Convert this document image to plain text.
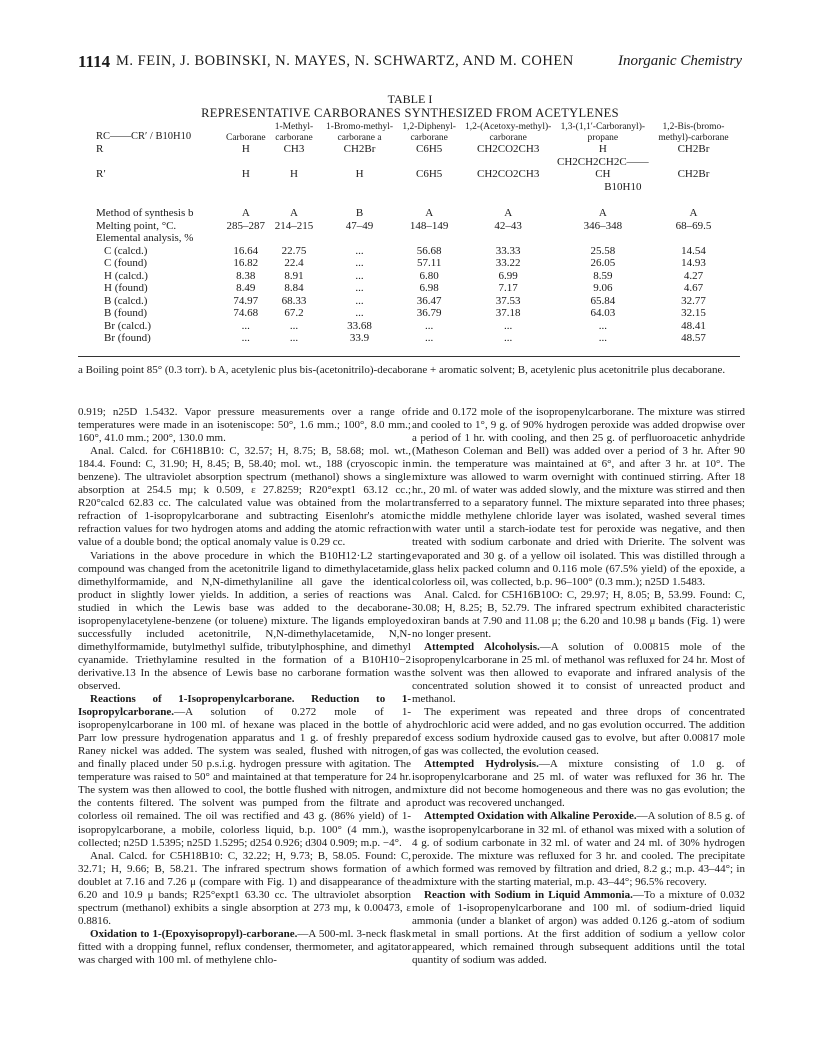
1114 M. FEIN, J. BOBINSKI, N. MAYES, N. SCHWARTZ, AND M. COHEN	Inorganic Chemistry
TABLE I
REPRESENTATIVE CARBORANES SYNTHESIZED FROM ACETYLENES
RC——CR′ / B10H10	Carborane	1-Methyl-carborane	1-Bromo-methyl-carborane a	1,2-Diphenyl-carborane	1,2-(Acetoxy-methyl)-carborane	1,3-(1,1′-Carboranyl)-propane	1,2-Bis-(bromo-methyl)-carborane
R	H	CH3	CH2Br	C6H5	CH2CO2CH3	H	CH2Br
R′	H	H	H	C6H5	CH2CO2CH3	CH2CH2CH2C——CH	CH2Br
						B10H10	

Method of synthesis b	A	A	B	A	A	A	A
Melting point, °C.	285–287	214–215	47–49	148–149	42–43	346–348	68–69.5
Elemental analysis, %							
C (calcd.)	16.64	22.75	...	56.68	33.33	25.58	14.54
C (found)	16.82	22.4	...	57.11	33.22	26.05	14.93
H (calcd.)	8.38	8.91	...	6.80	6.99	8.59	4.27
H (found)	8.49	8.84	...	6.98	7.17	9.06	4.67
B (calcd.)	74.97	68.33	...	36.47	37.53	65.84	32.77
B (found)	74.68	67.2	...	36.79	37.18	64.03	32.15
Br (calcd.)	...	...	33.68	...	...	...	48.41
Br (found)	...	...	33.9	...	...	...	48.57
a Boiling point 85° (0.3 torr). b A, acetylenic plus bis-(acetonitrilo)-decaborane + aromatic solvent; B, acetylenic plus acetonitrile plus decaborane.

0.919; n25D 1.5432. Vapor pressure measurements over a range of temperatures were made in an isoteniscope: 50°, 1.6 mm.; 100°, 8.0 mm.; 160°, 41.0 mm.; 200°, 130.0 mm.

Anal. Calcd. for C6H18B10: C, 32.57; H, 8.75; B, 58.68; mol. wt., 184.4. Found: C, 31.90; H, 8.45; B, 58.40; mol. wt., 188 (cryoscopic in benzene). The ultraviolet absorption spectrum (methanol) shows a single absorption at 254.5 mμ; k 0.509, ε 27.8259; R20°expt1 63.12 cc.; R20°calcd 62.83 cc. The calculated value was obtained from the molar refraction of 1-isopropylcarborane and subtracting Eisenlohr's atomic refraction values for two hydrogen atoms and adding the atomic refraction value of a double bond; the optical anomaly value is 0.29 cc.

Variations in the above procedure in which the B10H12·L2 starting compound was changed from the acetonitrile ligand to dimethylacetamide, dimethylformamide, and N,N-dimethylaniline all gave the identical product in slightly lower yields. In addition, a series of reactions was studied in which the Lewis base was added to the decaborane-isopropenylacetylene-benzene (or toluene) mixture. The ligands employed successfully included acetonitrile, N,N-dimethylacetamide, N,N-dimethylformamide, butylmethyl sulfide, tributylphosphine, and dimethyl cyanamide. Triethylamine resulted in the formation of a B10H10−2 derivative.13 In the absence of Lewis base no carborane formation was observed.

Reactions of 1-Isopropenylcarborane. Reduction to 1-Isopropylcarborane.—A solution of 0.272 mole of 1-isopropenylcarborane in 100 ml. of hexane was placed in the bottle of a Parr low pressure hydrogenation apparatus and 1 g. of freshly prepared Raney nickel was added. The system was sealed, flushed with nitrogen, and finally placed under 50 p.s.i.g. hydrogen pressure with agitation. The temperature was raised to 50° and maintained at that temperature for 24 hr. The system was then allowed to cool, the bottle flushed with nitrogen, and the contents filtered. The solvent was pumped from the filtrate and a colorless oil remained. The oil was rectified and 43 g. (86% yield) of 1-isopropylcarborane, a mobile, colorless liquid, b.p. 100° (4 mm.), was collected; n25D 1.5395; n25D 1.5295; d254 0.926; d304 0.909; m.p. −4°.

Anal. Calcd. for C5H18B10: C, 32.22; H, 9.73; B, 58.05. Found: C, 32.71; H, 9.66; B, 58.21. The infrared spectrum shows formation of a doublet at 7.16 and 7.26 μ (compare with Fig. 1) and disappearance of the 6.20 and 10.9 μ bands; R25°expt1 63.30 cc. The ultraviolet absorption spectrum (methanol) exhibits a single absorption at 273 mμ, k 0.00473, ε 0.8816.

Oxidation to 1-(Epoxyisopropyl)-carborane.—A 500-ml. 3-neck flask fitted with a dropping funnel, reflux condenser, thermometer, and agitator was charged with 100 ml. of methylene chlo-

ride and 0.172 mole of the isopropenylcarborane. The mixture was stirred and cooled to 1°, 9 g. of 90% hydrogen peroxide was added dropwise over a period of 1 hr. with cooling, and then 25 g. of perfluoroacetic anhydride (Matheson Coleman and Bell) was added over a period of 3 hr. After 90 min. the temperature was maintained at 6°, and after 3 hr. at 10°. The mixture was allowed to warm overnight with continued stirring. After 18 hr., 20 ml. of water was added slowly, and the mixture was stirred and then transferred to a separatory funnel. The mixture separated into three phases; the middle methylene chloride layer was isolated, washed several times with water until a starch-iodate test for peroxide was negative, and then treated with sodium carbonate and dried with Drierite. The solvent was evaporated and 30 g. of a yellow oil isolated. This was distilled through a glass helix packed column and 0.116 mole (67.5% yield) of the epoxide, a colorless oil, was collected, b.p. 96–100° (0.3 mm.); n25D 1.5483.

Anal. Calcd. for C5H16B10O: C, 29.97; H, 8.05; B, 53.99. Found: C, 30.08; H, 8.25; B, 52.79. The infrared spectrum exhibited characteristic oxiran bands at 7.90 and 11.08 μ; the 6.20 and 10.98 μ bands (Fig. 1) were no longer present.

Attempted Alcoholysis.—A solution of 0.00815 mole of the isopropenylcarborane in 25 ml. of methanol was refluxed for 24 hr. Most of the solvent was then allowed to evaporate and infrared analysis of the concentrated solution showed it to consist of unreacted product and methanol.

The experiment was repeated and three drops of concentrated hydrochloric acid were added, and no gas evolution occurred. The addition of excess sodium hydroxide caused gas to evolve, but after 0.00817 mole of gas was collected, the evolution ceased.

Attempted Hydrolysis.—A mixture consisting of 1.0 g. of isopropenylcarborane and 25 ml. of water was refluxed for 36 hr. The mixture did not become homogeneous and there was no gas evolution; the product was recovered unchanged.

Attempted Oxidation with Alkaline Peroxide.—A solution of 8.5 g. of the isopropenylcarborane in 32 ml. of ethanol was mixed with a solution of 4 g. of sodium carbonate in 32 ml. of water and 24 ml. of 30% hydrogen peroxide. The mixture was refluxed for 3 hr. and cooled. The precipitate which formed was removed by filtration and dried, 8.2 g.; m.p. 43–44°; in admixture with the starting material, m.p. 43–44°; 96.5% recovery.

Reaction with Sodium in Liquid Ammonia.—To a mixture of 0.032 mole of 1-isopropenylcarborane and 100 ml. of sodium-dried liquid ammonia (under a blanket of argon) was added 0.126 g.-atom of sodium metal in small portions. At the first addition of sodium a yellow color appeared, which remained through subsequent additions until the total quantity of sodium was added.
